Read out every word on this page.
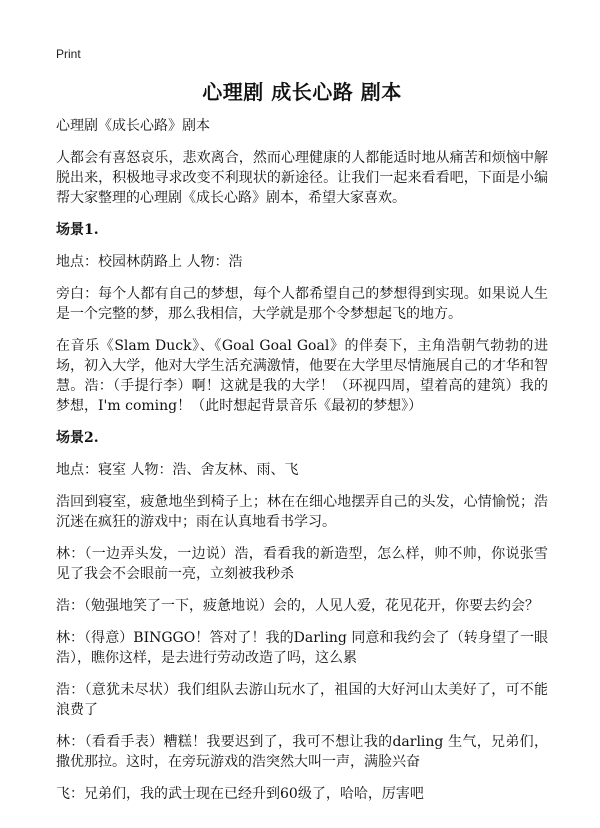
Print
心理剧 成长心路 剧本

心理剧《成长心路》剧本

人都会有喜怒哀乐，悲欢离合，然而心理健康的人都能适时地从痛苦和烦恼中解脱出来，积极地寻求改变不利现状的新途径。让我们一起来看看吧，下面是小编帮大家整理的心理剧《成长心路》剧本，希望大家喜欢。

场景1.

地点：校园林荫路上 人物：浩

旁白：每个人都有自己的梦想，每个人都希望自己的梦想得到实现。如果说人生是一个完整的梦，那么我相信，大学就是那个令梦想起飞的地方。

在音乐《Slam Duck》、《Goal Goal Goal》的伴奏下，主角浩朝气勃勃的进场，初入大学，他对大学生活充满激情，他要在大学里尽情施展自己的才华和智慧。浩：（手提行李）啊！这就是我的大学！（环视四周，望着高的建筑）我的梦想，I'm coming！（此时想起背景音乐《最初的梦想》）

场景2.

地点：寝室 人物：浩、舍友林、雨、飞

浩回到寝室，疲惫地坐到椅子上；林在在细心地摆弄自己的头发，心情愉悦；浩沉迷在疯狂的游戏中；雨在认真地看书学习。

林：（一边弄头发，一边说）浩，看看我的新造型，怎么样，帅不帅，你说张雪见了我会不会眼前一亮，立刻被我秒杀

浩：（勉强地笑了一下，疲惫地说）会的，人见人爱，花见花开，你要去约会？

林：（得意）BINGGO！答对了！我的Darling 同意和我约会了（转身望了一眼浩），瞧你这样，是去进行劳动改造了吗，这么累

浩：（意犹未尽状）我们组队去游山玩水了，祖国的大好河山太美好了，可不能浪费了

林：（看看手表）糟糕！我要迟到了，我可不想让我的darling 生气，兄弟们，撒优那拉。这时，在旁玩游戏的浩突然大叫一声，满脸兴奋

飞：兄弟们，我的武士现在已经升到60级了，哈哈，厉害吧
